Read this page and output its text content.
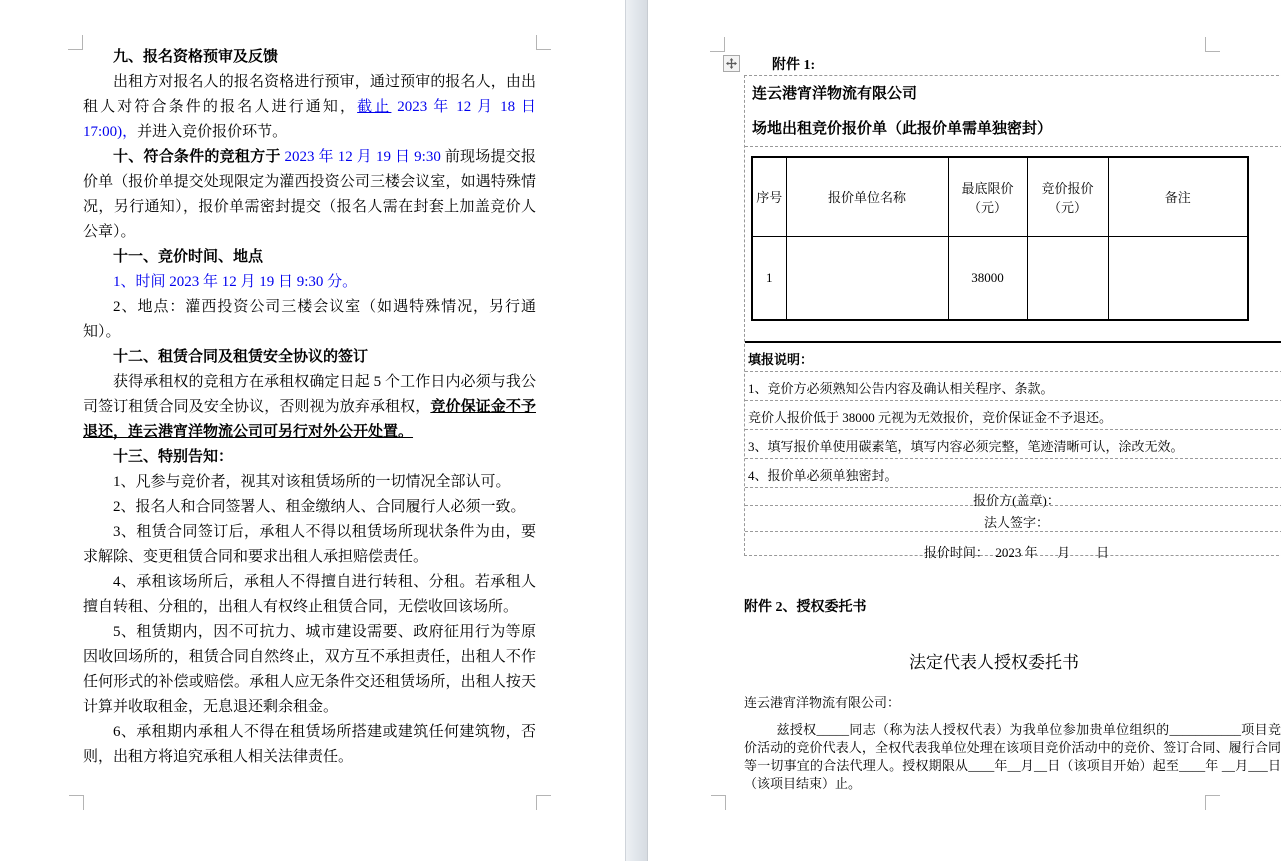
九、报名资格预审及反馈

出租方对报名人的报名资格进行预审，通过预审的报名人，由出租人对符合条件的报名人进行通知，截止 2023 年 12 月 18 日 17:00)，并进入竞价报价环节。

十、符合条件的竞租方于 2023 年 12 月 19 日 9:30 前现场提交报价单（报价单提交处现限定为灌西投资公司三楼会议室，如遇特殊情况，另行通知），报价单需密封提交（报名人需在封套上加盖竞价人公章）。

十一、竞价时间、地点

1、时间 2023 年 12 月 19 日 9:30 分。

2、地点：灌西投资公司三楼会议室（如遇特殊情况，另行通知）。

十二、租赁合同及租赁安全协议的签订

获得承租权的竞租方在承租权确定日起 5 个工作日内必须与我公司签订租赁合同及安全协议，否则视为放弃承租权，竞价保证金不予退还，连云港宵洋物流公司可另行对外公开处置。

十三、特别告知：

1、凡参与竞价者，视其对该租赁场所的一切情况全部认可。

2、报名人和合同签署人、租金缴纳人、合同履行人必须一致。

3、租赁合同签订后，承租人不得以租赁场所现状条件为由，要求解除、变更租赁合同和要求出租人承担赔偿责任。

4、承租该场所后，承租人不得擅自进行转租、分租。若承租人擅自转租、分租的，出租人有权终止租赁合同，无偿收回该场所。

5、租赁期内，因不可抗力、城市建设需要、政府征用行为等原因收回场所的，租赁合同自然终止，双方互不承担责任，出租人不作任何形式的补偿或赔偿。承租人应无条件交还租赁场所，出租人按天计算并收取租金，无息退还剩余租金。

6、承租期内承租人不得在租赁场所搭建或建筑任何建筑物，否则，出租方将追究承租人相关法律责任。

附件 1:

连云港宵洋物流有限公司

场地出租竞价报价单（此报价单需单独密封）

序号	报价单位名称	最底限价（元）	竞价报价（元）	备注
1		38000		
填报说明：
1、竞价方必须熟知公告内容及确认相关程序、条款。
竞价人报价低于 38000 元视为无效报价，竞价保证金不予退还。
3、填写报价单使用碳素笔，填写内容必须完整，笔迹清晰可认，涂改无效。
4、报价单必须单独密封。
报价方(盖章)：
法人签字：
报价时间：  2023 年      月        日
附件 2、授权委托书
法定代表人授权委托书
连云港宵洋物流有限公司：
兹授权_____同志（称为法人授权代表）为我单位参加贵单位组织的___________项目竞价活动的竞价代表人，全权代表我单位处理在该项目竞价活动中的竞价、签订合同、履行合同等一切事宜的合法代理人。授权期限从____年__月__日（该项目开始）起至____年 __月___日（该项目结束）止。
